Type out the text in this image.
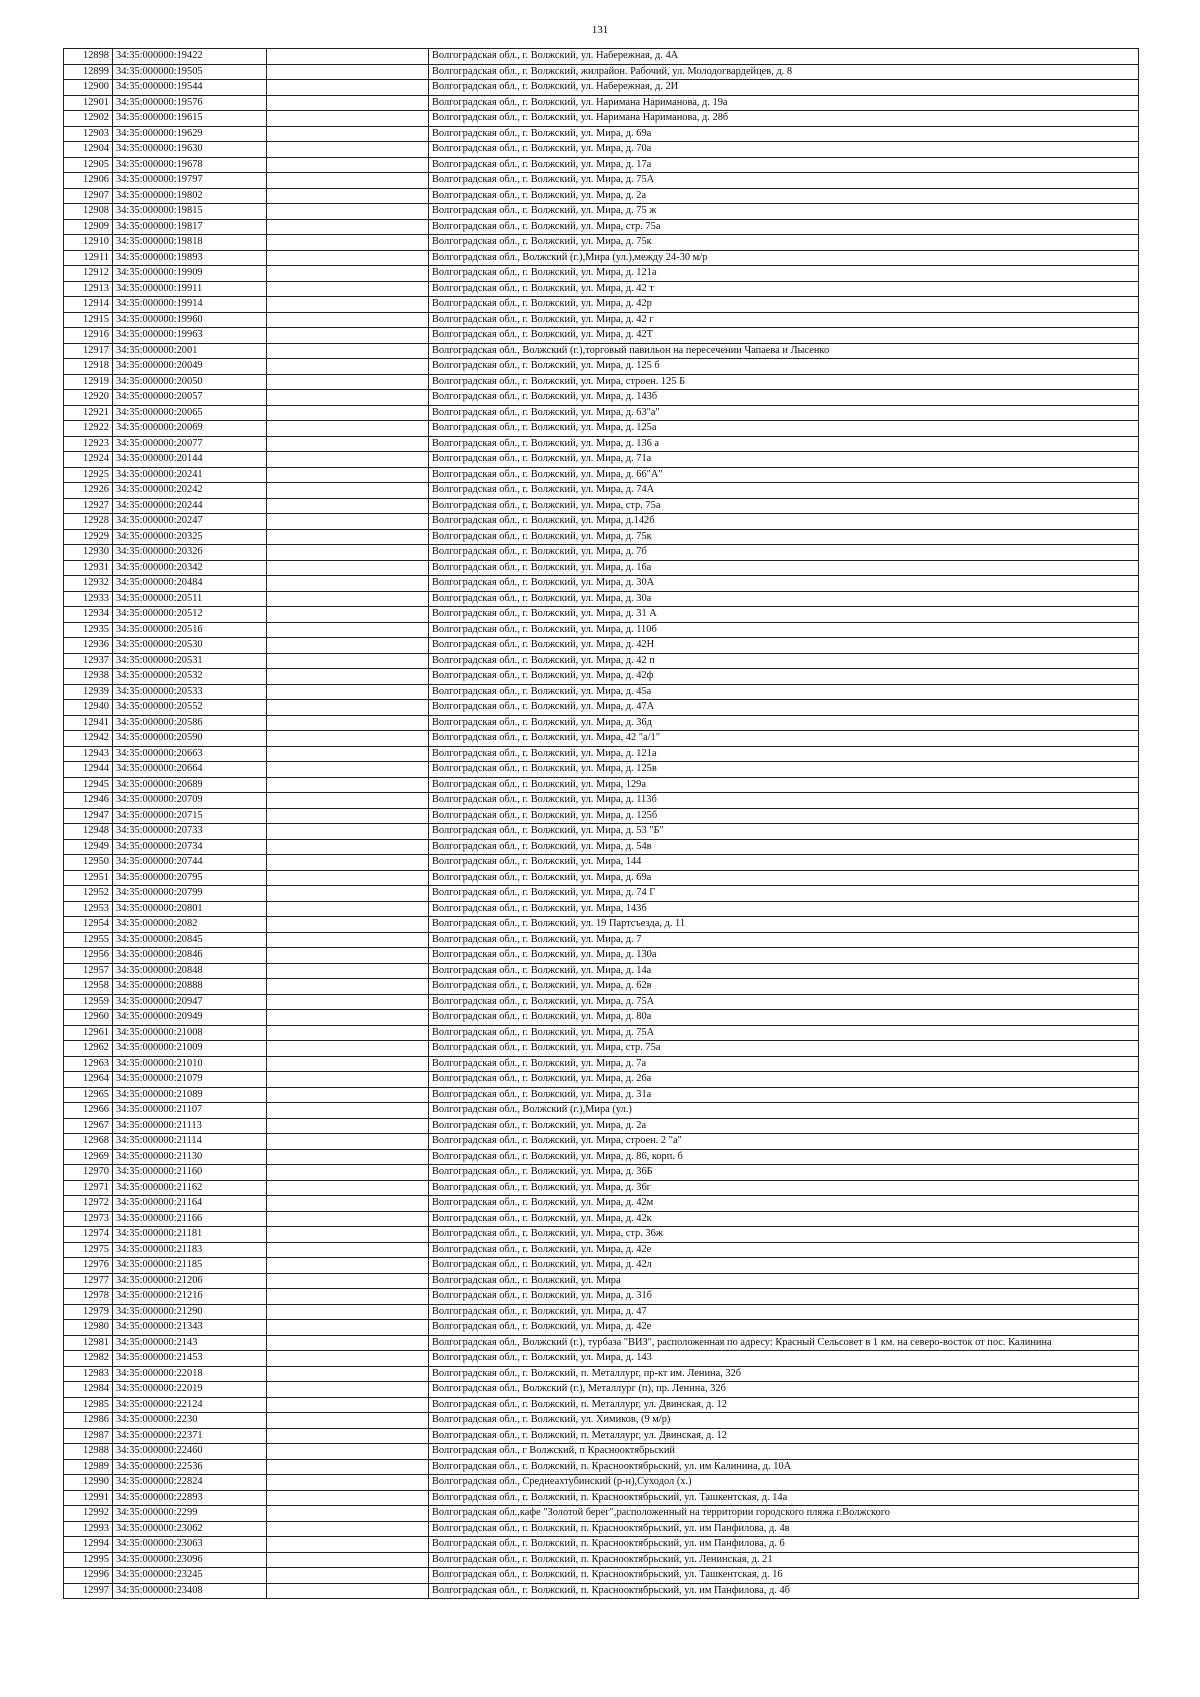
131
12898	34:35:000000:19422		Волгоградская обл., г. Волжский, ул. Набережная, д. 4А
12899	34:35:000000:19505		Волгоградская обл., г. Волжский, жилрайон. Рабочий, ул. Молодогвардейцев, д. 8
12900	34:35:000000:19544		Волгоградская обл., г. Волжский, ул. Набережная, д. 2И
12901	34:35:000000:19576		Волгоградская обл., г. Волжский, ул. Наримана Нариманова, д. 19а
12902	34:35:000000:19615		Волгоградская обл., г. Волжский, ул. Наримана Нариманова, д. 28б
12903	34:35:000000:19629		Волгоградская обл., г. Волжский, ул. Мира, д. 69а
12904	34:35:000000:19630		Волгоградская обл., г. Волжский, ул. Мира, д. 70а
12905	34:35:000000:19678		Волгоградская обл., г. Волжский, ул. Мира, д. 17а
12906	34:35:000000:19797		Волгоградская обл., г. Волжский, ул. Мира, д. 75А
12907	34:35:000000:19802		Волгоградская обл., г. Волжский, ул. Мира, д. 2а
12908	34:35:000000:19815		Волгоградская обл., г. Волжский, ул. Мира, д. 75 ж
12909	34:35:000000:19817		Волгоградская обл., г. Волжский, ул. Мира, стр. 75а
12910	34:35:000000:19818		Волгоградская обл., г. Волжский, ул. Мира, д. 75к
12911	34:35:000000:19893		Волгоградская обл., Волжский (г.),Мира (ул.),между 24-30 м/р
12912	34:35:000000:19909		Волгоградская обл., г. Волжский, ул. Мира, д. 121а
12913	34:35:000000:19911		Волгоградская обл., г. Волжский, ул. Мира, д. 42 т
12914	34:35:000000:19914		Волгоградская обл., г. Волжский, ул. Мира, д. 42р
12915	34:35:000000:19960		Волгоградская обл., г. Волжский, ул. Мира, д. 42 г
12916	34:35:000000:19963		Волгоградская обл., г. Волжский, ул. Мира, д. 42Т
12917	34:35:000000:2001		Волгоградская обл., Волжский (г.),торговый павильон на пересечении Чапаева и Лысенко
12918	34:35:000000:20049		Волгоградская обл., г. Волжский, ул. Мира, д. 125 б
12919	34:35:000000:20050		Волгоградская обл., г. Волжский, ул. Мира, строен. 125 Б
12920	34:35:000000:20057		Волгоградская обл., г. Волжский, ул. Мира, д. 143б
12921	34:35:000000:20065		Волгоградская обл., г. Волжский, ул. Мира, д. 63"а"
12922	34:35:000000:20069		Волгоградская обл., г. Волжский, ул. Мира, д. 125а
12923	34:35:000000:20077		Волгоградская обл., г. Волжский, ул. Мира, д. 136 а
12924	34:35:000000:20144		Волгоградская обл., г. Волжский, ул. Мира, д. 71а
12925	34:35:000000:20241		Волгоградская обл., г. Волжский, ул. Мира, д. 66"А"
12926	34:35:000000:20242		Волгоградская обл., г. Волжский, ул. Мира, д. 74А
12927	34:35:000000:20244		Волгоградская обл., г. Волжский, ул. Мира, стр. 75а
12928	34:35:000000:20247		Волгоградская обл., г. Волжский, ул. Мира, д.142б
12929	34:35:000000:20325		Волгоградская обл., г. Волжский, ул. Мира, д. 75к
12930	34:35:000000:20326		Волгоградская обл., г. Волжский, ул. Мира, д. 7б
12931	34:35:000000:20342		Волгоградская обл., г. Волжский, ул. Мира, д. 16а
12932	34:35:000000:20484		Волгоградская обл., г. Волжский, ул. Мира, д. 30А
12933	34:35:000000:20511		Волгоградская обл., г. Волжский, ул. Мира, д. 30а
12934	34:35:000000:20512		Волгоградская обл., г. Волжский, ул. Мира, д. 31 А
12935	34:35:000000:20516		Волгоградская обл., г. Волжский, ул. Мира, д. 110б
12936	34:35:000000:20530		Волгоградская обл., г. Волжский, ул. Мира, д. 42Н
12937	34:35:000000:20531		Волгоградская обл., г. Волжский, ул. Мира, д. 42 п
12938	34:35:000000:20532		Волгоградская обл., г. Волжский, ул. Мира, д. 42ф
12939	34:35:000000:20533		Волгоградская обл., г. Волжский, ул. Мира, д. 45а
12940	34:35:000000:20552		Волгоградская обл., г. Волжский, ул. Мира, д. 47А
12941	34:35:000000:20586		Волгоградская обл., г. Волжский, ул. Мира, д. 36д
12942	34:35:000000:20590		Волгоградская обл., г. Волжский, ул. Мира, 42 "а/1"
12943	34:35:000000:20663		Волгоградская обл., г. Волжский, ул. Мира, д. 121а
12944	34:35:000000:20664		Волгоградская обл., г. Волжский, ул. Мира, д. 125в
12945	34:35:000000:20689		Волгоградская обл., г. Волжский, ул. Мира, 129а
12946	34:35:000000:20709		Волгоградская обл., г. Волжский, ул. Мира, д. 113б
12947	34:35:000000:20715		Волгоградская обл., г. Волжский, ул. Мира, д. 125б
12948	34:35:000000:20733		Волгоградская обл., г. Волжский, ул. Мира, д. 53 "Б"
12949	34:35:000000:20734		Волгоградская обл., г. Волжский, ул. Мира, д. 54в
12950	34:35:000000:20744		Волгоградская обл., г. Волжский, ул. Мира, 144
12951	34:35:000000:20795		Волгоградская обл., г. Волжский, ул. Мира, д. 69а
12952	34:35:000000:20799		Волгоградская обл., г. Волжский, ул. Мира, д. 74 Г
12953	34:35:000000:20801		Волгоградская обл., г. Волжский, ул. Мира, 143б
12954	34:35:000000:2082		Волгоградская обл., г. Волжский, ул. 19 Партсъезда, д. 11
12955	34:35:000000:20845		Волгоградская обл., г. Волжский, ул. Мира, д. 7
12956	34:35:000000:20846		Волгоградская обл., г. Волжский, ул. Мира, д. 130а
12957	34:35:000000:20848		Волгоградская обл., г. Волжский, ул. Мира, д. 14а
12958	34:35:000000:20888		Волгоградская обл., г. Волжский, ул. Мира, д. 62в
12959	34:35:000000:20947		Волгоградская обл., г. Волжский, ул. Мира, д. 75А
12960	34:35:000000:20949		Волгоградская обл., г. Волжский, ул. Мира, д. 80а
12961	34:35:000000:21008		Волгоградская обл., г. Волжский, ул. Мира, д. 75А
12962	34:35:000000:21009		Волгоградская обл., г. Волжский, ул. Мира, стр. 75а
12963	34:35:000000:21010		Волгоградская обл., г. Волжский, ул. Мира, д. 7а
12964	34:35:000000:21079		Волгоградская обл., г. Волжский, ул. Мира, д. 26а
12965	34:35:000000:21089		Волгоградская обл., г. Волжский, ул. Мира, д. 31а
12966	34:35:000000:21107		Волгоградская обл., Волжский (г.),Мира (ул.)
12967	34:35:000000:21113		Волгоградская обл., г. Волжский, ул. Мира, д. 2а
12968	34:35:000000:21114		Волгоградская обл., г. Волжский, ул. Мира, строен. 2 "а"
12969	34:35:000000:21130		Волгоградская обл., г. Волжский, ул. Мира, д. 86, корп. б
12970	34:35:000000:21160		Волгоградская обл., г. Волжский, ул. Мира, д. 36Б
12971	34:35:000000:21162		Волгоградская обл., г. Волжский, ул. Мира, д. 36г
12972	34:35:000000:21164		Волгоградская обл., г. Волжский, ул. Мира, д. 42м
12973	34:35:000000:21166		Волгоградская обл., г. Волжский, ул. Мира, д. 42к
12974	34:35:000000:21181		Волгоградская обл., г. Волжский, ул. Мира, стр. 36ж
12975	34:35:000000:21183		Волгоградская обл., г. Волжский, ул. Мира, д. 42е
12976	34:35:000000:21185		Волгоградская обл., г. Волжский, ул. Мира, д. 42л
12977	34:35:000000:21206		Волгоградская обл., г. Волжский, ул. Мира
12978	34:35:000000:21216		Волгоградская обл., г. Волжский, ул. Мира, д. 31б
12979	34:35:000000:21290		Волгоградская обл., г. Волжский, ул. Мира, д. 47
12980	34:35:000000:21343		Волгоградская обл., г. Волжский, ул. Мира, д. 42е
12981	34:35:000000:2143		Волгоградская обл., Волжский (г.), турбаза "ВИЗ", расположенная по адресу: Красный Сельсовет в 1 км. на северо-восток от пос. Калинина
12982	34:35:000000:21453		Волгоградская обл., г. Волжский, ул. Мира, д. 143
12983	34:35:000000:22018		Волгоградская обл., г. Волжский, п. Металлург, пр-кт им. Ленина, 32б
12984	34:35:000000:22019		Волгоградская обл., Волжский (г.), Металлург (п), пр. Ленина, 32б
12985	34:35:000000:22124		Волгоградская обл., г. Волжский, п. Металлург, ул. Двинская, д. 12
12986	34:35:000000:2230		Волгоградская обл., г. Волжский, ул. Химиков, (9 м/р)
12987	34:35:000000:22371		Волгоградская обл., г. Волжский, п. Металлург, ул. Двинская, д. 12
12988	34:35:000000:22460		Волгоградская обл., г Волжский, п Краснооктябрьский
12989	34:35:000000:22536		Волгоградская обл., г. Волжский, п. Краснооктябрьский, ул. им Калинина, д. 10А
12990	34:35:000000:22824		Волгоградская обл., Среднеахтубинский (р-н),Суходол (х.)
12991	34:35:000000:22893		Волгоградская обл., г. Волжский, п. Краснооктябрьский, ул. Ташкентская, д. 14а
12992	34:35:000000:2299		Волгоградская обл.,кафе "Золотой берег",расположенный на территории городского пляжа г.Волжского
12993	34:35:000000:23062		Волгоградская обл., г. Волжский, п. Краснооктябрьский, ул. им Панфилова, д. 4в
12994	34:35:000000:23063		Волгоградская обл., г. Волжский, п. Краснооктябрьский, ул. им Панфилова, д. 6
12995	34:35:000000:23096		Волгоградская обл., г. Волжский, п. Краснооктябрьский, ул. Ленинская, д. 21
12996	34:35:000000:23245		Волгоградская обл., г. Волжский, п. Краснооктябрьский, ул. Ташкентская, д. 16
12997	34:35:000000:23408		Волгоградская обл., г. Волжский, п. Краснооктябрьский, ул. им Панфилова, д. 4б
